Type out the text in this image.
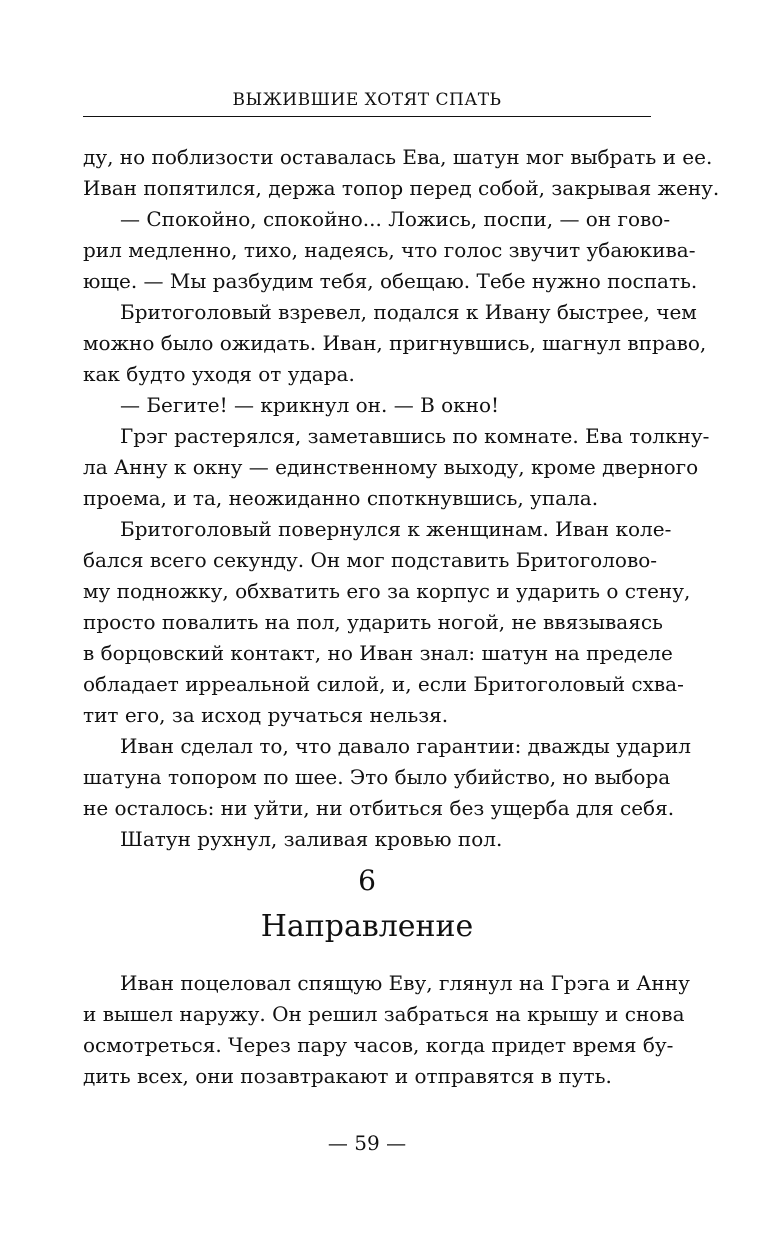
ВЫЖИВШИЕ ХОТЯТ СПАТЬ
ду, но поблизости оставалась Ева, шатун мог выбрать и ее.
Иван попятился, держа топор перед собой, закрывая жену.
— Спокойно, спокойно... Ложись, поспи, — он гово-
рил медленно, тихо, надеясь, что голос звучит убаюкива-
юще. — Мы разбудим тебя, обещаю. Тебе нужно поспать.
Бритоголовый взревел, подался к Ивану быстрее, чем
можно было ожидать. Иван, пригнувшись, шагнул вправо,
как будто уходя от удара.
— Бегите! — крикнул он. — В окно!
Грэг растерялся, заметавшись по комнате. Ева толкну-
ла Анну к окну — единственному выходу, кроме дверного
проема, и та, неожиданно споткнувшись, упала.
Бритоголовый повернулся к женщинам. Иван коле-
бался всего секунду. Он мог подставить Бритоголово-
му подножку, обхватить его за корпус и ударить о стену,
просто повалить на пол, ударить ногой, не ввязываясь
в борцовский контакт, но Иван знал: шатун на пределе
обладает ирреальной силой, и, если Бритоголовый схва-
тит его, за исход ручаться нельзя.
Иван сделал то, что давало гарантии: дважды ударил
шатуна топором по шее. Это было убийство, но выбора
не осталось: ни уйти, ни отбиться без ущерба для себя.
Шатун рухнул, заливая кровью пол.
6
Направление
Иван поцеловал спящую Еву, глянул на Грэга и Анну
и вышел наружу. Он решил забраться на крышу и снова
осмотреться. Через пару часов, когда придет время бу-
дить всех, они позавтракают и отправятся в путь.
— 59 —
